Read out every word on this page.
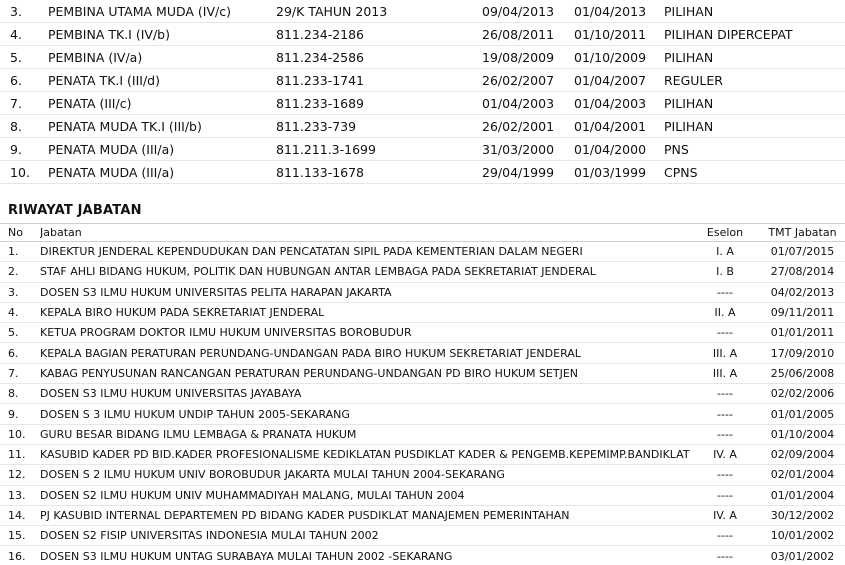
3.	PEMBINA UTAMA MUDA (IV/c)	29/K TAHUN 2013	09/04/2013	01/04/2013	PILIHAN
4.	PEMBINA TK.I (IV/b)	811.234-2186	26/08/2011	01/10/2011	PILIHAN DIPERCEPAT
5.	PEMBINA (IV/a)	811.234-2586	19/08/2009	01/10/2009	PILIHAN
6.	PENATA TK.I (III/d)	811.233-1741	26/02/2007	01/04/2007	REGULER
7.	PENATA (III/c)	811.233-1689	01/04/2003	01/04/2003	PILIHAN
8.	PENATA MUDA TK.I (III/b)	811.233-739	26/02/2001	01/04/2001	PILIHAN
9.	PENATA MUDA (III/a)	811.211.3-1699	31/03/2000	01/04/2000	PNS
10.	PENATA MUDA (III/a)	811.133-1678	29/04/1999	01/03/1999	CPNS
RIWAYAT JABATAN
No	Jabatan	Eselon	TMT Jabatan
1.	DIREKTUR JENDERAL KEPENDUDUKAN DAN PENCATATAN SIPIL PADA KEMENTERIAN DALAM NEGERI	I. A	01/07/2015
2.	STAF AHLI BIDANG HUKUM, POLITIK DAN HUBUNGAN ANTAR LEMBAGA PADA SEKRETARIAT JENDERAL	I. B	27/08/2014
3.	DOSEN S3 ILMU HUKUM UNIVERSITAS PELITA HARAPAN JAKARTA	----	04/02/2013
4.	KEPALA BIRO HUKUM PADA SEKRETARIAT JENDERAL	II. A	09/11/2011
5.	KETUA PROGRAM DOKTOR ILMU HUKUM UNIVERSITAS BOROBUDUR	----	01/01/2011
6.	KEPALA BAGIAN PERATURAN PERUNDANG-UNDANGAN PADA BIRO HUKUM SEKRETARIAT JENDERAL	III. A	17/09/2010
7.	KABAG PENYUSUNAN RANCANGAN PERATURAN PERUNDANG-UNDANGAN PD BIRO HUKUM SETJEN	III. A	25/06/2008
8.	DOSEN S3 ILMU HUKUM UNIVERSITAS JAYABAYA	----	02/02/2006
9.	DOSEN S 3 ILMU HUKUM UNDIP TAHUN 2005-SEKARANG	----	01/01/2005
10.	GURU BESAR BIDANG ILMU LEMBAGA & PRANATA HUKUM	----	01/10/2004
11.	KASUBID KADER PD BID.KADER PROFESIONALISME KEDIKLATAN PUSDIKLAT KADER & PENGEMB.KEPEMIMP.BANDIKLAT	IV. A	02/09/2004
12.	DOSEN S 2 ILMU HUKUM UNIV BOROBUDUR JAKARTA MULAI TAHUN 2004-SEKARANG	----	02/01/2004
13.	DOSEN S2 ILMU HUKUM UNIV MUHAMMADIYAH MALANG, MULAI TAHUN 2004	----	01/01/2004
14.	PJ KASUBID INTERNAL DEPARTEMEN PD BIDANG KADER PUSDIKLAT MANAJEMEN PEMERINTAHAN	IV. A	30/12/2002
15.	DOSEN S2 FISIP UNIVERSITAS INDONESIA MULAI TAHUN 2002	----	10/01/2002
16.	DOSEN S3 ILMU HUKUM UNTAG SURABAYA MULAI TAHUN 2002 -SEKARANG	----	03/01/2002
